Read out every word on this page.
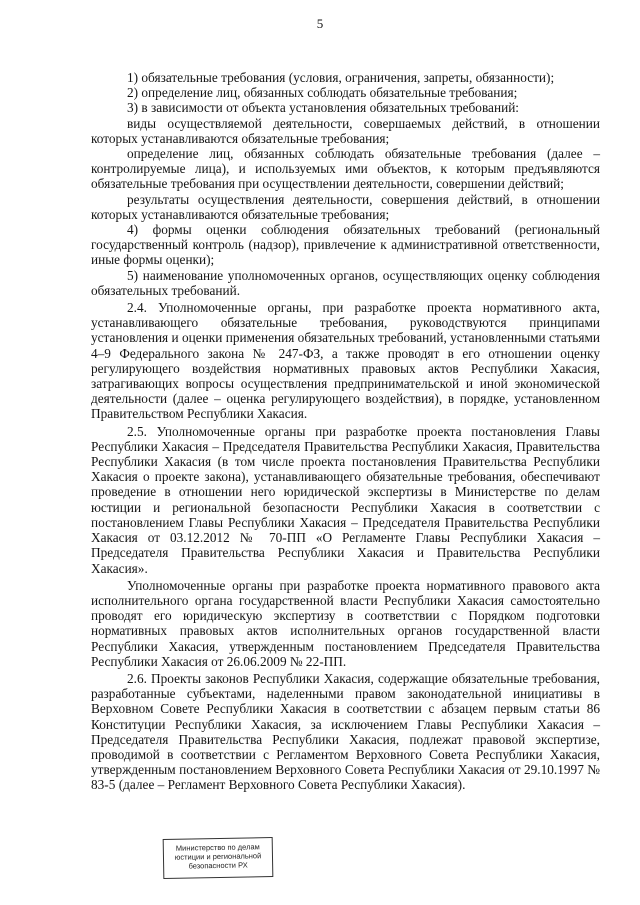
5

1) обязательные требования (условия, ограничения, запреты, обязанности);

2) определение лиц, обязанных соблюдать обязательные требования;

3) в зависимости от объекта установления обязательных требований:

виды осуществляемой деятельности, совершаемых действий, в отношении которых устанавливаются обязательные требования;

определение лиц, обязанных соблюдать обязательные требования (далее – контролируемые лица), и используемых ими объектов, к которым предъявляются обязательные требования при осуществлении деятельности, совершении действий;

результаты осуществления деятельности, совершения действий, в отношении которых устанавливаются обязательные требования;

4) формы оценки соблюдения обязательных требований (региональный государственный контроль (надзор), привлечение к административной ответственности, иные формы оценки);

5) наименование уполномоченных органов, осуществляющих оценку соблюдения обязательных требований.

2.4. Уполномоченные органы, при разработке проекта нормативного акта, устанавливающего обязательные требования, руководствуются принципами установления и оценки применения обязательных требований, установленными статьями 4–9 Федерального закона № 247-ФЗ, а также проводят в его отношении оценку регулирующего воздействия нормативных правовых актов Республики Хакасия, затрагивающих вопросы осуществления предпринимательской и иной экономической деятельности (далее – оценка регулирующего воздействия), в порядке, установленном Правительством Республики Хакасия.

2.5. Уполномоченные органы при разработке проекта постановления Главы Республики Хакасия – Председателя Правительства Республики Хакасия, Правительства Республики Хакасия (в том числе проекта постановления Правительства Республики Хакасия о проекте закона), устанавливающего обязательные требования, обеспечивают проведение в отношении него юридической экспертизы в Министерстве по делам юстиции и региональной безопасности Республики Хакасия в соответствии с постановлением Главы Республики Хакасия – Председателя Правительства Республики Хакасия от 03.12.2012 № 70-ПП «О Регламенте Главы Республики Хакасия – Председателя Правительства Республики Хакасия и Правительства Республики Хакасия».

Уполномоченные органы при разработке проекта нормативного правового акта исполнительного органа государственной власти Республики Хакасия самостоятельно проводят его юридическую экспертизу в соответствии с Порядком подготовки нормативных правовых актов исполнительных органов государственной власти Республики Хакасия, утвержденным постановлением Председателя Правительства Республики Хакасия от 26.06.2009 № 22-ПП.

2.6. Проекты законов Республики Хакасия, содержащие обязательные требования, разработанные субъектами, наделенными правом законодательной инициативы в Верховном Совете Республики Хакасия в соответствии с абзацем первым статьи 86 Конституции Республики Хакасия, за исключением Главы Республики Хакасия – Председателя Правительства Республики Хакасия, подлежат правовой экспертизе, проводимой в соответствии с Регламентом Верховного Совета Республики Хакасия, утвержденным постановлением Верховного Совета Республики Хакасия от 29.10.1997 № 83-5 (далее – Регламент Верховного Совета Республики Хакасия).

Министерство по делам
юстиции и региональной
безопасности РХ
